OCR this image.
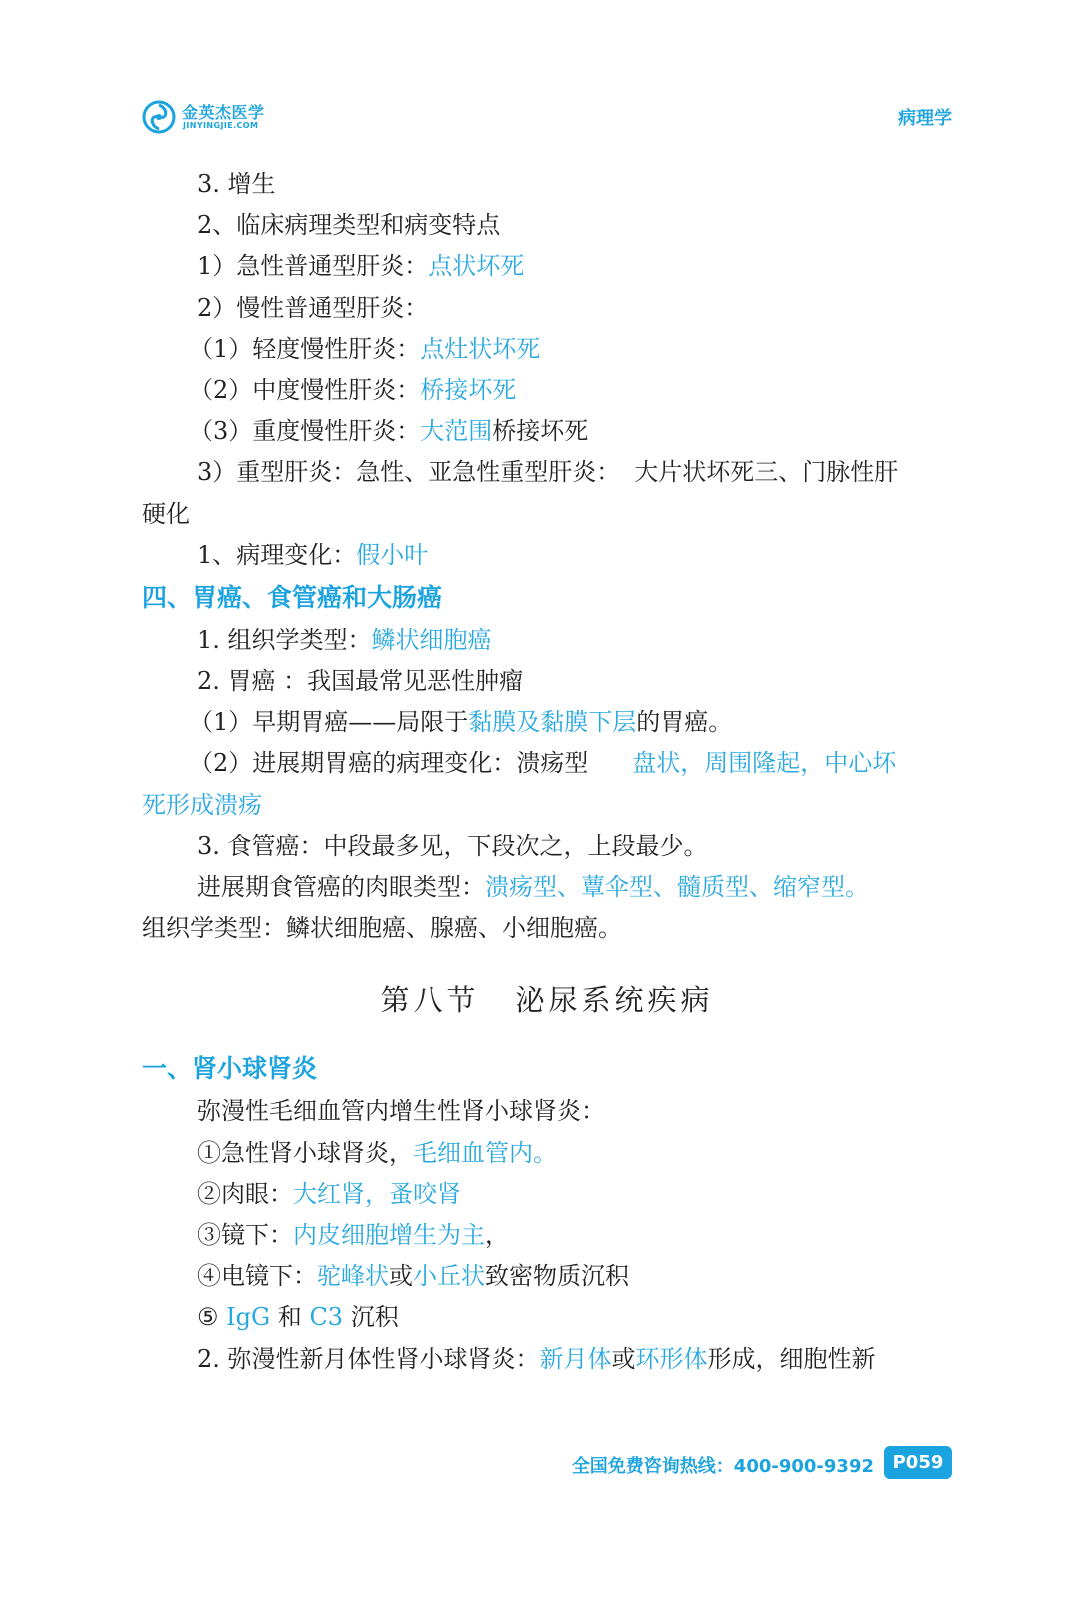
金英杰医学
JINYINGJIE.COM	病理学
3. 增生
2、临床病理类型和病变特点
1）急性普通型肝炎：点状坏死
2）慢性普通型肝炎：
（1）轻度慢性肝炎：点灶状坏死
（2）中度慢性肝炎：桥接坏死
（3）重度慢性肝炎：大范围桥接坏死
3）重型肝炎：急性、亚急性重型肝炎： 大片状坏死三、门脉性肝
硬化
1、病理变化：假小叶
四、胃癌、食管癌和大肠癌
1. 组织学类型：鳞状细胞癌
2. 胃癌 ：我国最常见恶性肿瘤
（1）早期胃癌——局限于黏膜及黏膜下层的胃癌。
（2）进展期胃癌的病理变化：溃疡型 盘状，周围隆起，中心坏
死形成溃疡
3. 食管癌：中段最多见，下段次之，上段最少。
进展期食管癌的肉眼类型：溃疡型、蕈伞型、髓质型、缩窄型。
组织学类型：鳞状细胞癌、腺癌、小细胞癌。
第八节 泌尿系统疾病
一、肾小球肾炎
弥漫性毛细血管内增生性肾小球肾炎：
①急性肾小球肾炎，毛细血管内。
②肉眼：大红肾，蚤咬肾
③镜下：内皮细胞增生为主，
④电镜下：驼峰状或小丘状致密物质沉积
⑤ IgG 和 C3 沉积
2. 弥漫性新月体性肾小球肾炎：新月体或环形体形成，细胞性新
全国免费咨询热线：400-900-9392	P059
